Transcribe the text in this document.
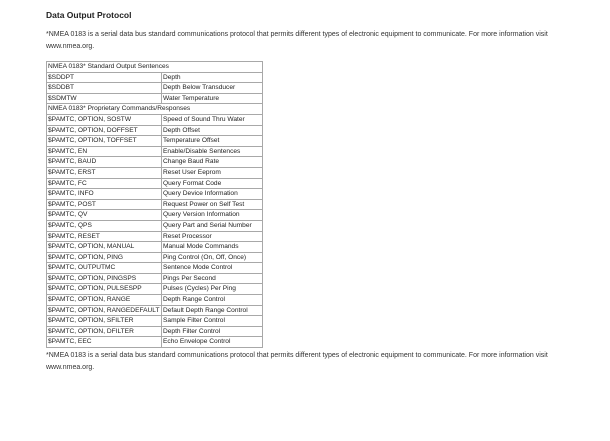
Data Output Protocol
*NMEA 0183 is a serial data bus standard communications protocol that permits different types of electronic equipment to communicate. For more information visit www.nmea.org.
NMEA 0183* Standard Output Sentences	
$SDDPT	Depth
$SDDBT	Depth Below Transducer
$SDMTW	Water Temperature
NMEA 0183* Proprietary Commands/Responses	
$PAMTC, OPTION, SOSTW	Speed of Sound Thru Water
$PAMTC, OPTION, DOFFSET	Depth Offset
$PAMTC, OPTION, TOFFSET	Temperature Offset
$PAMTC, EN	Enable/Disable Sentences
$PAMTC, BAUD	Change Baud Rate
$PAMTC, ERST	Reset User Eeprom
$PAMTC, FC	Query Format Code
$PAMTC, INFO	Query Device Information
$PAMTC, POST	Request Power on Self Test
$PAMTC, QV	Query Version Information
$PAMTC, QPS	Query Part and Serial Number
$PAMTC, RESET	Reset Processor
$PAMTC, OPTION, MANUAL	Manual Mode Commands
$PAMTC, OPTION, PING	Ping Control (On, Off, Once)
$PAMTC, OUTPUTMC	Sentence Mode Control
$PAMTC, OPTION, PINGSPS	Pings Per Second
$PAMTC, OPTION, PULSESPP	Pulses (Cycles) Per Ping
$PAMTC, OPTION, RANGE	Depth Range Control
$PAMTC, OPTION, RANGEDEFAULT	Default Depth Range Control
$PAMTC, OPTION, SFILTER	Sample Filter Control
$PAMTC, OPTION, DFILTER	Depth Filter Control
$PAMTC, EEC	Echo Envelope Control
*NMEA 0183 is a serial data bus standard communications protocol that permits different types of electronic equipment to communicate. For more information visit www.nmea.org.
